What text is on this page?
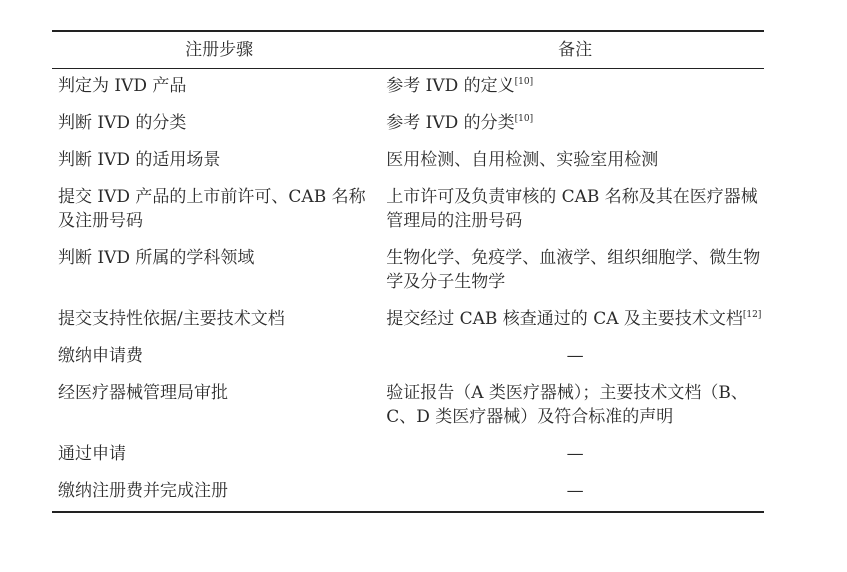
注册步骤	备注
判定为 IVD 产品	参考 IVD 的定义[10]
判断 IVD 的分类	参考 IVD 的分类[10]
判断 IVD 的适用场景	医用检测、自用检测、实验室用检测
提交 IVD 产品的上市前许可、CAB 名称及注册号码	上市许可及负责审核的 CAB 名称及其在医疗器械管理局的注册号码
判断 IVD 所属的学科领域	生物化学、免疫学、血液学、组织细胞学、微生物学及分子生物学
提交支持性依据/主要技术文档	提交经过 CAB 核查通过的 CA 及主要技术文档[12]
缴纳申请费	—
经医疗器械管理局审批	验证报告（A 类医疗器械）；主要技术文档（B、C、D 类医疗器械）及符合标准的声明
通过申请	—
缴纳注册费并完成注册	—
